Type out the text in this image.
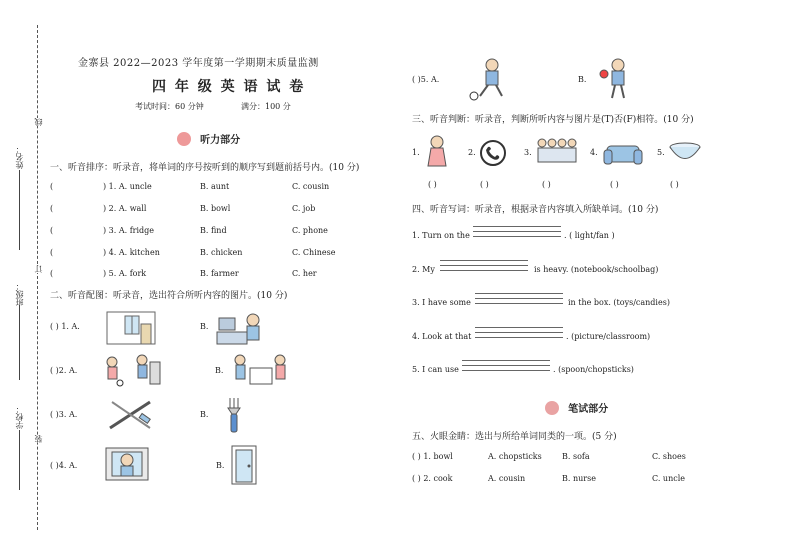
姓名：
班级：
学校：
线
订
装
金寨县 2022—2023 学年度第一学期期末质量监测
四 年 级 英 语 试 卷
考试时间：60 分钟	满分：100 分
听力部分
一、听音排序：听录音，将单词的序号按听到的顺序写到题前括号内。(10 分)
(	) 1. A. uncle	B. aunt	C. cousin
(	) 2. A. wall	B. bowl	C. job
(	) 3. A. fridge	B. find	C. phone
(	) 4. A. kitchen	B. chicken	C. Chinese
(	) 5. A. fork	B. farmer	C. her
二、听音配图：听录音，选出符合所听内容的图片。(10 分)
( ) 1. A.	B.
( )2. A.	B.
( )3. A.	B.
( )4. A.	B.
( )5. A.	B.
三、听音判断：听录音，判断所听内容与图片是(T)否(F)相符。(10 分)
1.	2.	3.	4.	5.
( )	( )	( )	( )	( )
四、听音写词：听录音，根据录音内容填入所缺单词。(10 分)
1. Turn on the	. ( light/fan )
2. My	is heavy. (notebook/schoolbag)
3. I have some	in the box. (toys/candies)
4. Look at that	. (picture/classroom)
5. I can use	. (spoon/chopsticks)
笔试部分
五、火眼金睛：选出与所给单词同类的一项。(5 分)
( ) 1. bowl	A. chopsticks	B. sofa	C. shoes
( ) 2. cook	A. cousin	B. nurse	C. uncle
